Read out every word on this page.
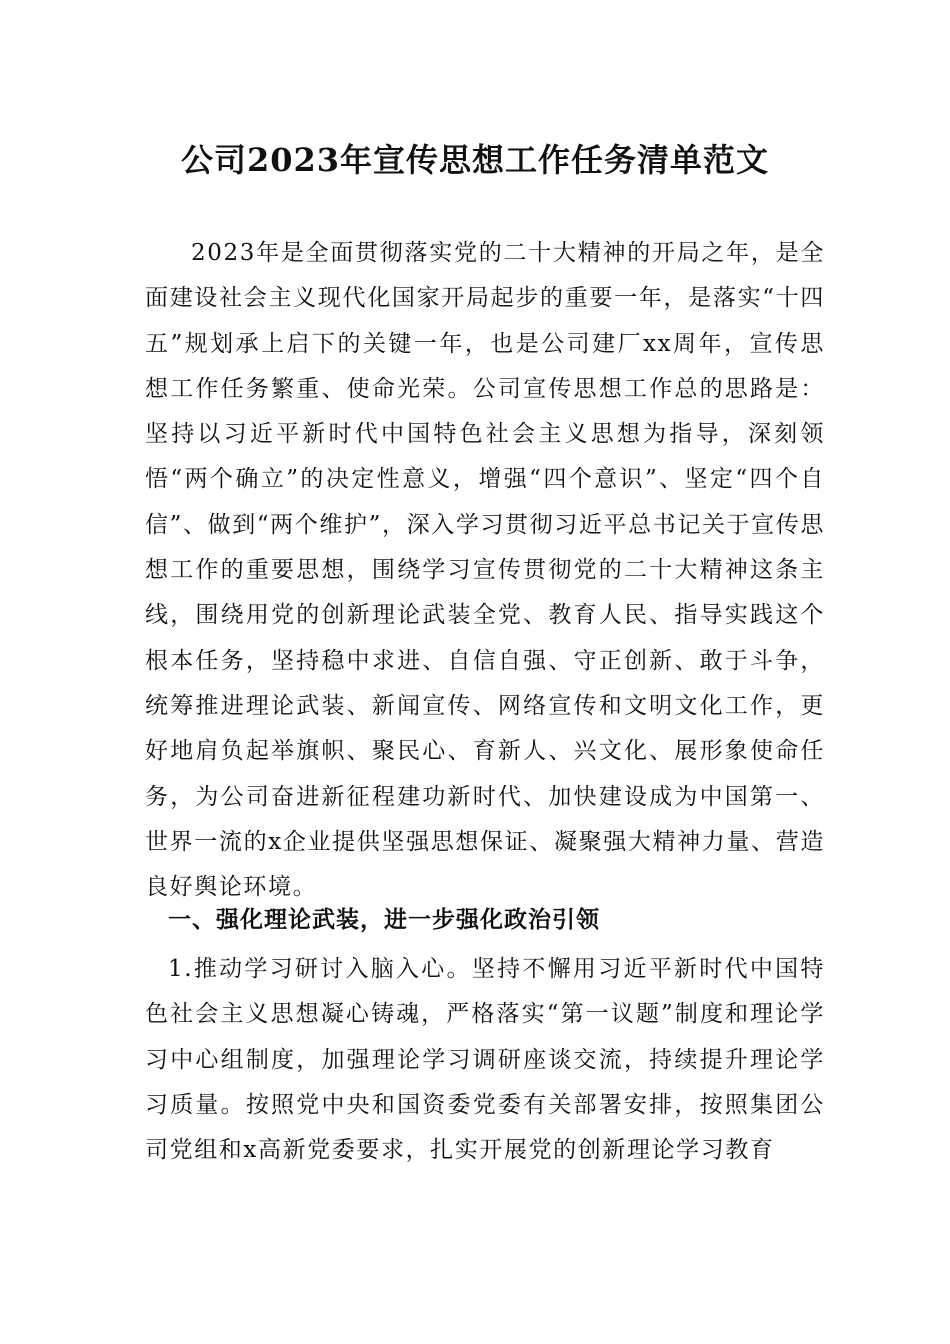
公司2023年宣传思想工作任务清单范文

2023年是全面贯彻落实党的二十大精神的开局之年，是全面建设社会主义现代化国家开局起步的重要一年，是落实“十四五”规划承上启下的关键一年，也是公司建厂xx周年，宣传思想工作任务繁重、使命光荣。公司宣传思想工作总的思路是：坚持以习近平新时代中国特色社会主义思想为指导，深刻领悟“两个确立”的决定性意义，增强“四个意识”、坚定“四个自信”、做到“两个维护”，深入学习贯彻习近平总书记关于宣传思想工作的重要思想，围绕学习宣传贯彻党的二十大精神这条主线，围绕用党的创新理论武装全党、教育人民、指导实践这个根本任务，坚持稳中求进、自信自强、守正创新、敢于斗争，统筹推进理论武装、新闻宣传、网络宣传和文明文化工作，更好地肩负起举旗帜、聚民心、育新人、兴文化、展形象使命任务，为公司奋进新征程建功新时代、加快建设成为中国第一、世界一流的x企业提供坚强思想保证、凝聚强大精神力量、营造良好舆论环境。

一、强化理论武装，进一步强化政治引领

1.推动学习研讨入脑入心。坚持不懈用习近平新时代中国特色社会主义思想凝心铸魂，严格落实“第一议题”制度和理论学习中心组制度，加强理论学习调研座谈交流，持续提升理论学习质量。按照党中央和国资委党委有关部署安排，按照集团公司党组和x高新党委要求，扎实开展党的创新理论学习教育
